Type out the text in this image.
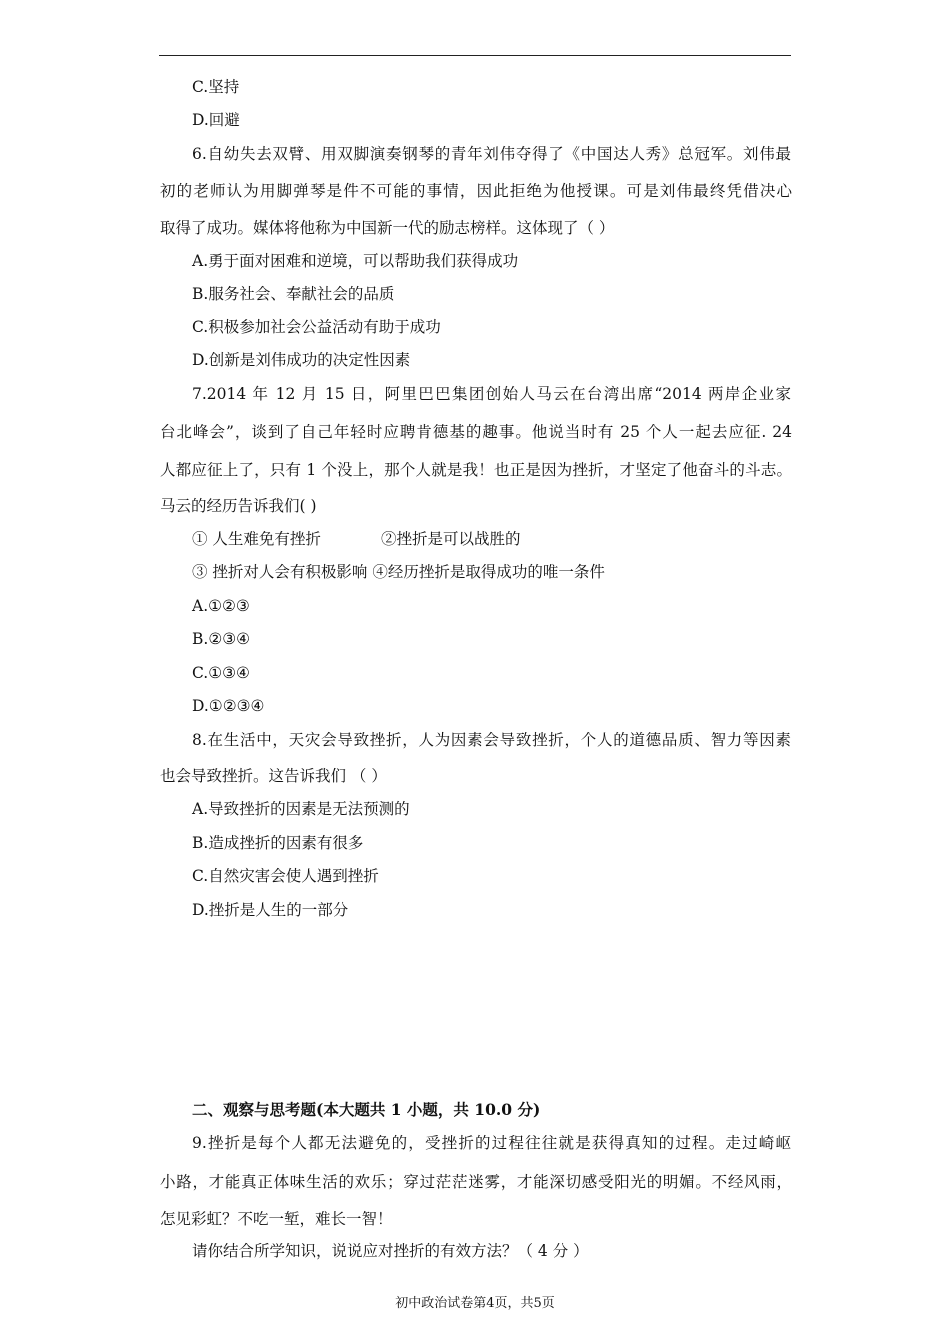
C.坚持
D.回避
6.自幼失去双臂、用双脚演奏钢琴的青年刘伟夺得了《中国达人秀》总冠军。刘伟最
初的老师认为用脚弹琴是件不可能的事情，因此拒绝为他授课。可是刘伟最终凭借决心
取得了成功。媒体将他称为中国新一代的励志榜样。这体现了（ ）
A.勇于面对困难和逆境，可以帮助我们获得成功
B.服务社会、奉献社会的品质
C.积极参加社会公益活动有助于成功
D.创新是刘伟成功的决定性因素
7.2014 年 12 月 15 日，阿里巴巴集团创始人马云在台湾出席“2014 两岸企业家
台北峰会”，谈到了自己年轻时应聘肯德基的趣事。他说当时有 25 个人一起去应征. 24
人都应征上了，只有 1 个没上，那个人就是我！也正是因为挫折，才坚定了他奋斗的斗志。
马云的经历告诉我们( )
① 人生难免有挫折	②挫折是可以战胜的
③ 挫折对人会有积极影响 ④经历挫折是取得成功的唯一条件
A.①②③
B.②③④
C.①③④
D.①②③④
8.在生活中，天灾会导致挫折，人为因素会导致挫折，个人的道德品质、智力等因素
也会导致挫折。这告诉我们 （ ）
A.导致挫折的因素是无法预测的
B.造成挫折的因素有很多
C.自然灾害会使人遇到挫折
D.挫折是人生的一部分
二、观察与思考题(本大题共 1 小题，共 10.0 分)
9.挫折是每个人都无法避免的，受挫折的过程往往就是获得真知的过程。走过崎岖
小路，才能真正体味生活的欢乐；穿过茫茫迷雾，才能深切感受阳光的明媚。不经风雨，
怎见彩虹？不吃一堑，难长一智！
请你结合所学知识，说说应对挫折的有效方法？（ 4 分 ）
初中政治试卷第4页，共5页
